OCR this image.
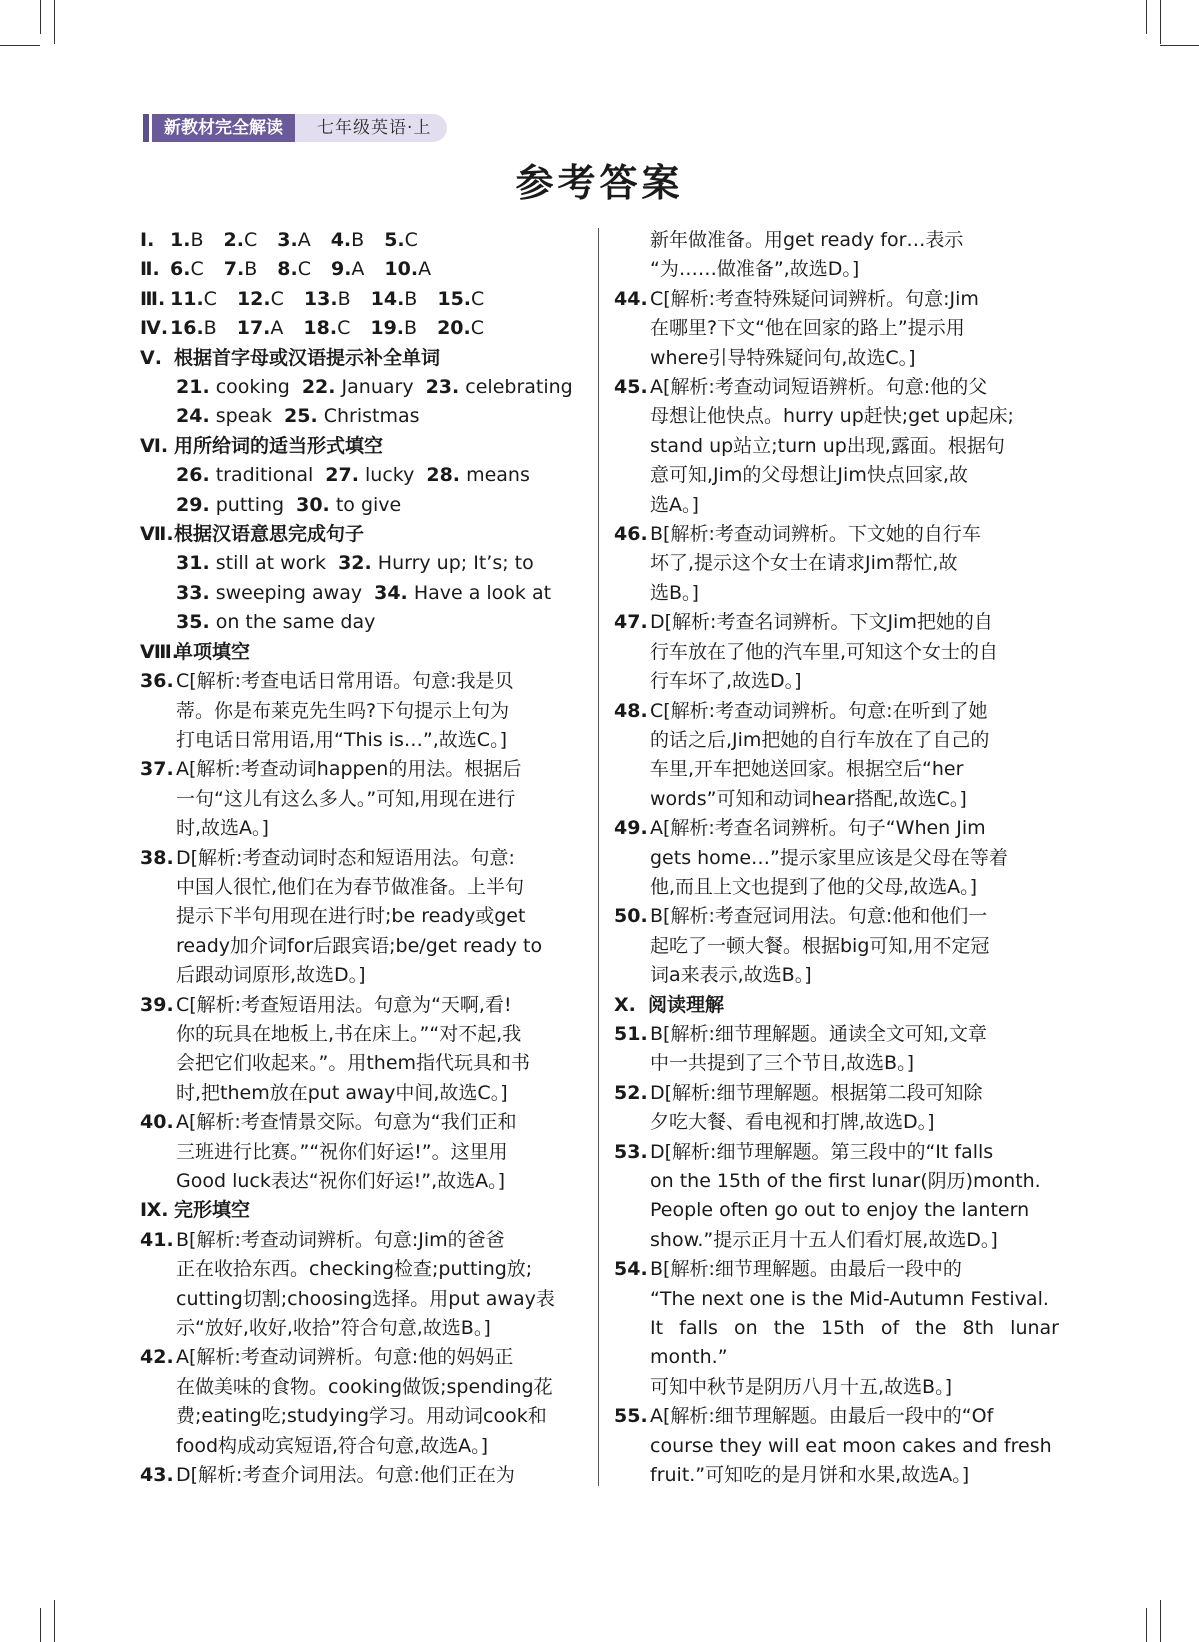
新教材完全解读	七年级英语·上
参考答案
Ⅰ. 1.B 2.C 3.A 4.B 5.C
Ⅱ. 6.C 7.B 8.C 9.A 10.A
Ⅲ. 11.C 12.C 13.B 14.B 15.C
Ⅳ. 16.B 17.A 18.C 19.B 20.C
Ⅴ. 根据首字母或汉语提示补全单词
21. cooking 22. January 23. celebrating
24. speak 25. Christmas
Ⅵ. 用所给词的适当形式填空
26. traditional 27. lucky 28. means
29. putting 30. to give
Ⅶ.根据汉语意思完成句子
31. still at work 32. Hurry up; It’s; to
33. sweeping away 34. Have a look at
35. on the same day
Ⅷ.单项填空
36. C[解析:考查电话日常用语。句意:我是贝
蒂。你是布莱克先生吗?下句提示上句为
打电话日常用语,用“This is…”,故选C。]
37. A[解析:考查动词happen的用法。根据后
一句“这儿有这么多人。”可知,用现在进行
时,故选A。]
38. D[解析:考查动词时态和短语用法。句意:
中国人很忙,他们在为春节做准备。上半句
提示下半句用现在进行时;be ready或get
ready加介词for后跟宾语;be/get ready to
后跟动词原形,故选D。]
39. C[解析:考查短语用法。句意为“天啊,看!
你的玩具在地板上,书在床上。”“对不起,我
会把它们收起来。”。用them指代玩具和书
时,把them放在put away中间,故选C。]
40. A[解析:考查情景交际。句意为“我们正和
三班进行比赛。”“祝你们好运!”。这里用
Good luck表达“祝你们好运!”,故选A。]
Ⅸ. 完形填空
41. B[解析:考查动词辨析。句意:Jim的爸爸
正在收拾东西。checking检查;putting放;
cutting切割;choosing选择。用put away表
示“放好,收好,收拾”符合句意,故选B。]
42. A[解析:考查动词辨析。句意:他的妈妈正
在做美味的食物。cooking做饭;spending花
费;eating吃;studying学习。用动词cook和
food构成动宾短语,符合句意,故选A。]
43. D[解析:考查介词用法。句意:他们正在为
新年做准备。用get ready for…表示
“为……做准备”,故选D。]
44. C[解析:考查特殊疑问词辨析。句意:Jim
在哪里?下文“他在回家的路上”提示用
where引导特殊疑问句,故选C。]
45. A[解析:考查动词短语辨析。句意:他的父
母想让他快点。hurry up赶快;get up起床;
stand up站立;turn up出现,露面。根据句
意可知,Jim的父母想让Jim快点回家,故
选A。]
46. B[解析:考查动词辨析。下文她的自行车
坏了,提示这个女士在请求Jim帮忙,故
选B。]
47. D[解析:考查名词辨析。下文Jim把她的自
行车放在了他的汽车里,可知这个女士的自
行车坏了,故选D。]
48. C[解析:考查动词辨析。句意:在听到了她
的话之后,Jim把她的自行车放在了自己的
车里,开车把她送回家。根据空后“her
words”可知和动词hear搭配,故选C。]
49. A[解析:考查名词辨析。句子“When Jim
gets home…”提示家里应该是父母在等着
他,而且上文也提到了他的父母,故选A。]
50. B[解析:考查冠词用法。句意:他和他们一
起吃了一顿大餐。根据big可知,用不定冠
词a来表示,故选B。]
Ⅹ. 阅读理解
51. B[解析:细节理解题。通读全文可知,文章
中一共提到了三个节日,故选B。]
52. D[解析:细节理解题。根据第二段可知除
夕吃大餐、看电视和打牌,故选D。]
53. D[解析:细节理解题。第三段中的“It falls
on the 15th of the first lunar(阴历)month.
People often go out to enjoy the lantern
show.”提示正月十五人们看灯展,故选D。]
54. B[解析:细节理解题。由最后一段中的
“The next one is the Mid-Autumn Festival.
It falls on the 15th of the 8th lunar month.”
可知中秋节是阴历八月十五,故选B。]
55. A[解析:细节理解题。由最后一段中的“Of
course they will eat moon cakes and fresh
fruit.”可知吃的是月饼和水果,故选A。]
